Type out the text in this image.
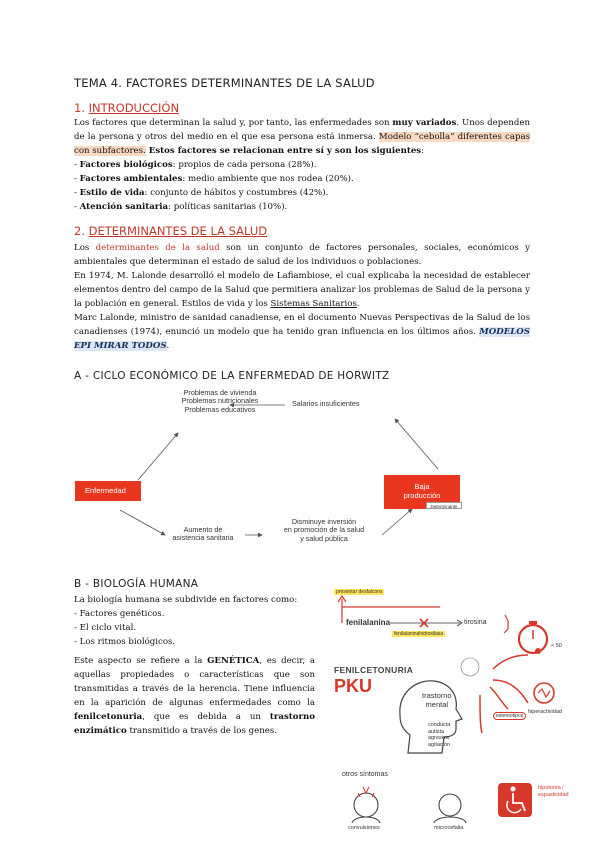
TEMA 4. FACTORES DETERMINANTES DE LA SALUD
1. INTRODUCCIÓN
Los factores que determinan la salud y, por tanto, las enfermedades son muy variados. Unos dependen de la persona y otros del medio en el que esa persona está inmersa. Modelo “cebolla” diferentes capas con subfactores. Estos factores se relacionan entre sí y son los siguientes:
- Factores biológicos: propios de cada persona (28%).
- Factores ambientales: medio ambiente que nos rodea (20%).
- Estilo de vida: conjunto de hábitos y costumbres (42%).
- Atención sanitaria: políticas sanitarias (10%).
2. DETERMINANTES DE LA SALUD
Los determinantes de la salud son un conjunto de factores personales, sociales, económicos y ambientales que determinan el estado de salud de los individuos o poblaciones.
En 1974, M. Lalonde desarrolló el modelo de Lafiambiose, el cual explicaba la necesidad de establecer elementos dentro del campo de la Salud que permitiera analizar los problemas de Salud de la persona y la población en general. Estilos de vida y los Sistemas Sanitarios.
Marc Lalonde, ministro de sanidad canadiense, en el documento Nuevas Perspectivas de la Salud de los canadienses (1974), enunció un modelo que ha tenido gran influencia en los últimos años. MODELOS EPI MIRAR TODOS.
A - CICLO ECONÓMICO DE LA ENFERMEDAD DE HORWITZ
Problemas de vivienda
Problemas nutricionales
Problemas educativos
Salarios insuficientes
Enfermedad	Baja
producción
Determinante
Aumento de
asistencia sanitaria
Disminuye inversión
en promoción de la salud
y salud pública
B - BIOLOGÍA HUMANA
La biología humana se subdivide en factores como:
- Factores genéticos.
- El ciclo vital.
- Los ritmos biológicos.
Este aspecto se refiere a la GENÉTICA, es decir, a aquellas propiedades o características que son transmitidas a través de la herencia. Tiene influencia en la aparición de algunas enfermedades como la fenilcetonuria, que es debida a un trastorno enzimático transmitido a través de los genes.
presentar desfalcons
fenilalanina	tirosina
fenilalaninahidroxilasa
FENILCETONURIA
PKU	trastorno
mental
< 50
hiperactividad
estereotipos
conducta
autista
agresiva
agitación
otros síntomas
convulsiones	microcefalia
hipotonía /
espasticidad
